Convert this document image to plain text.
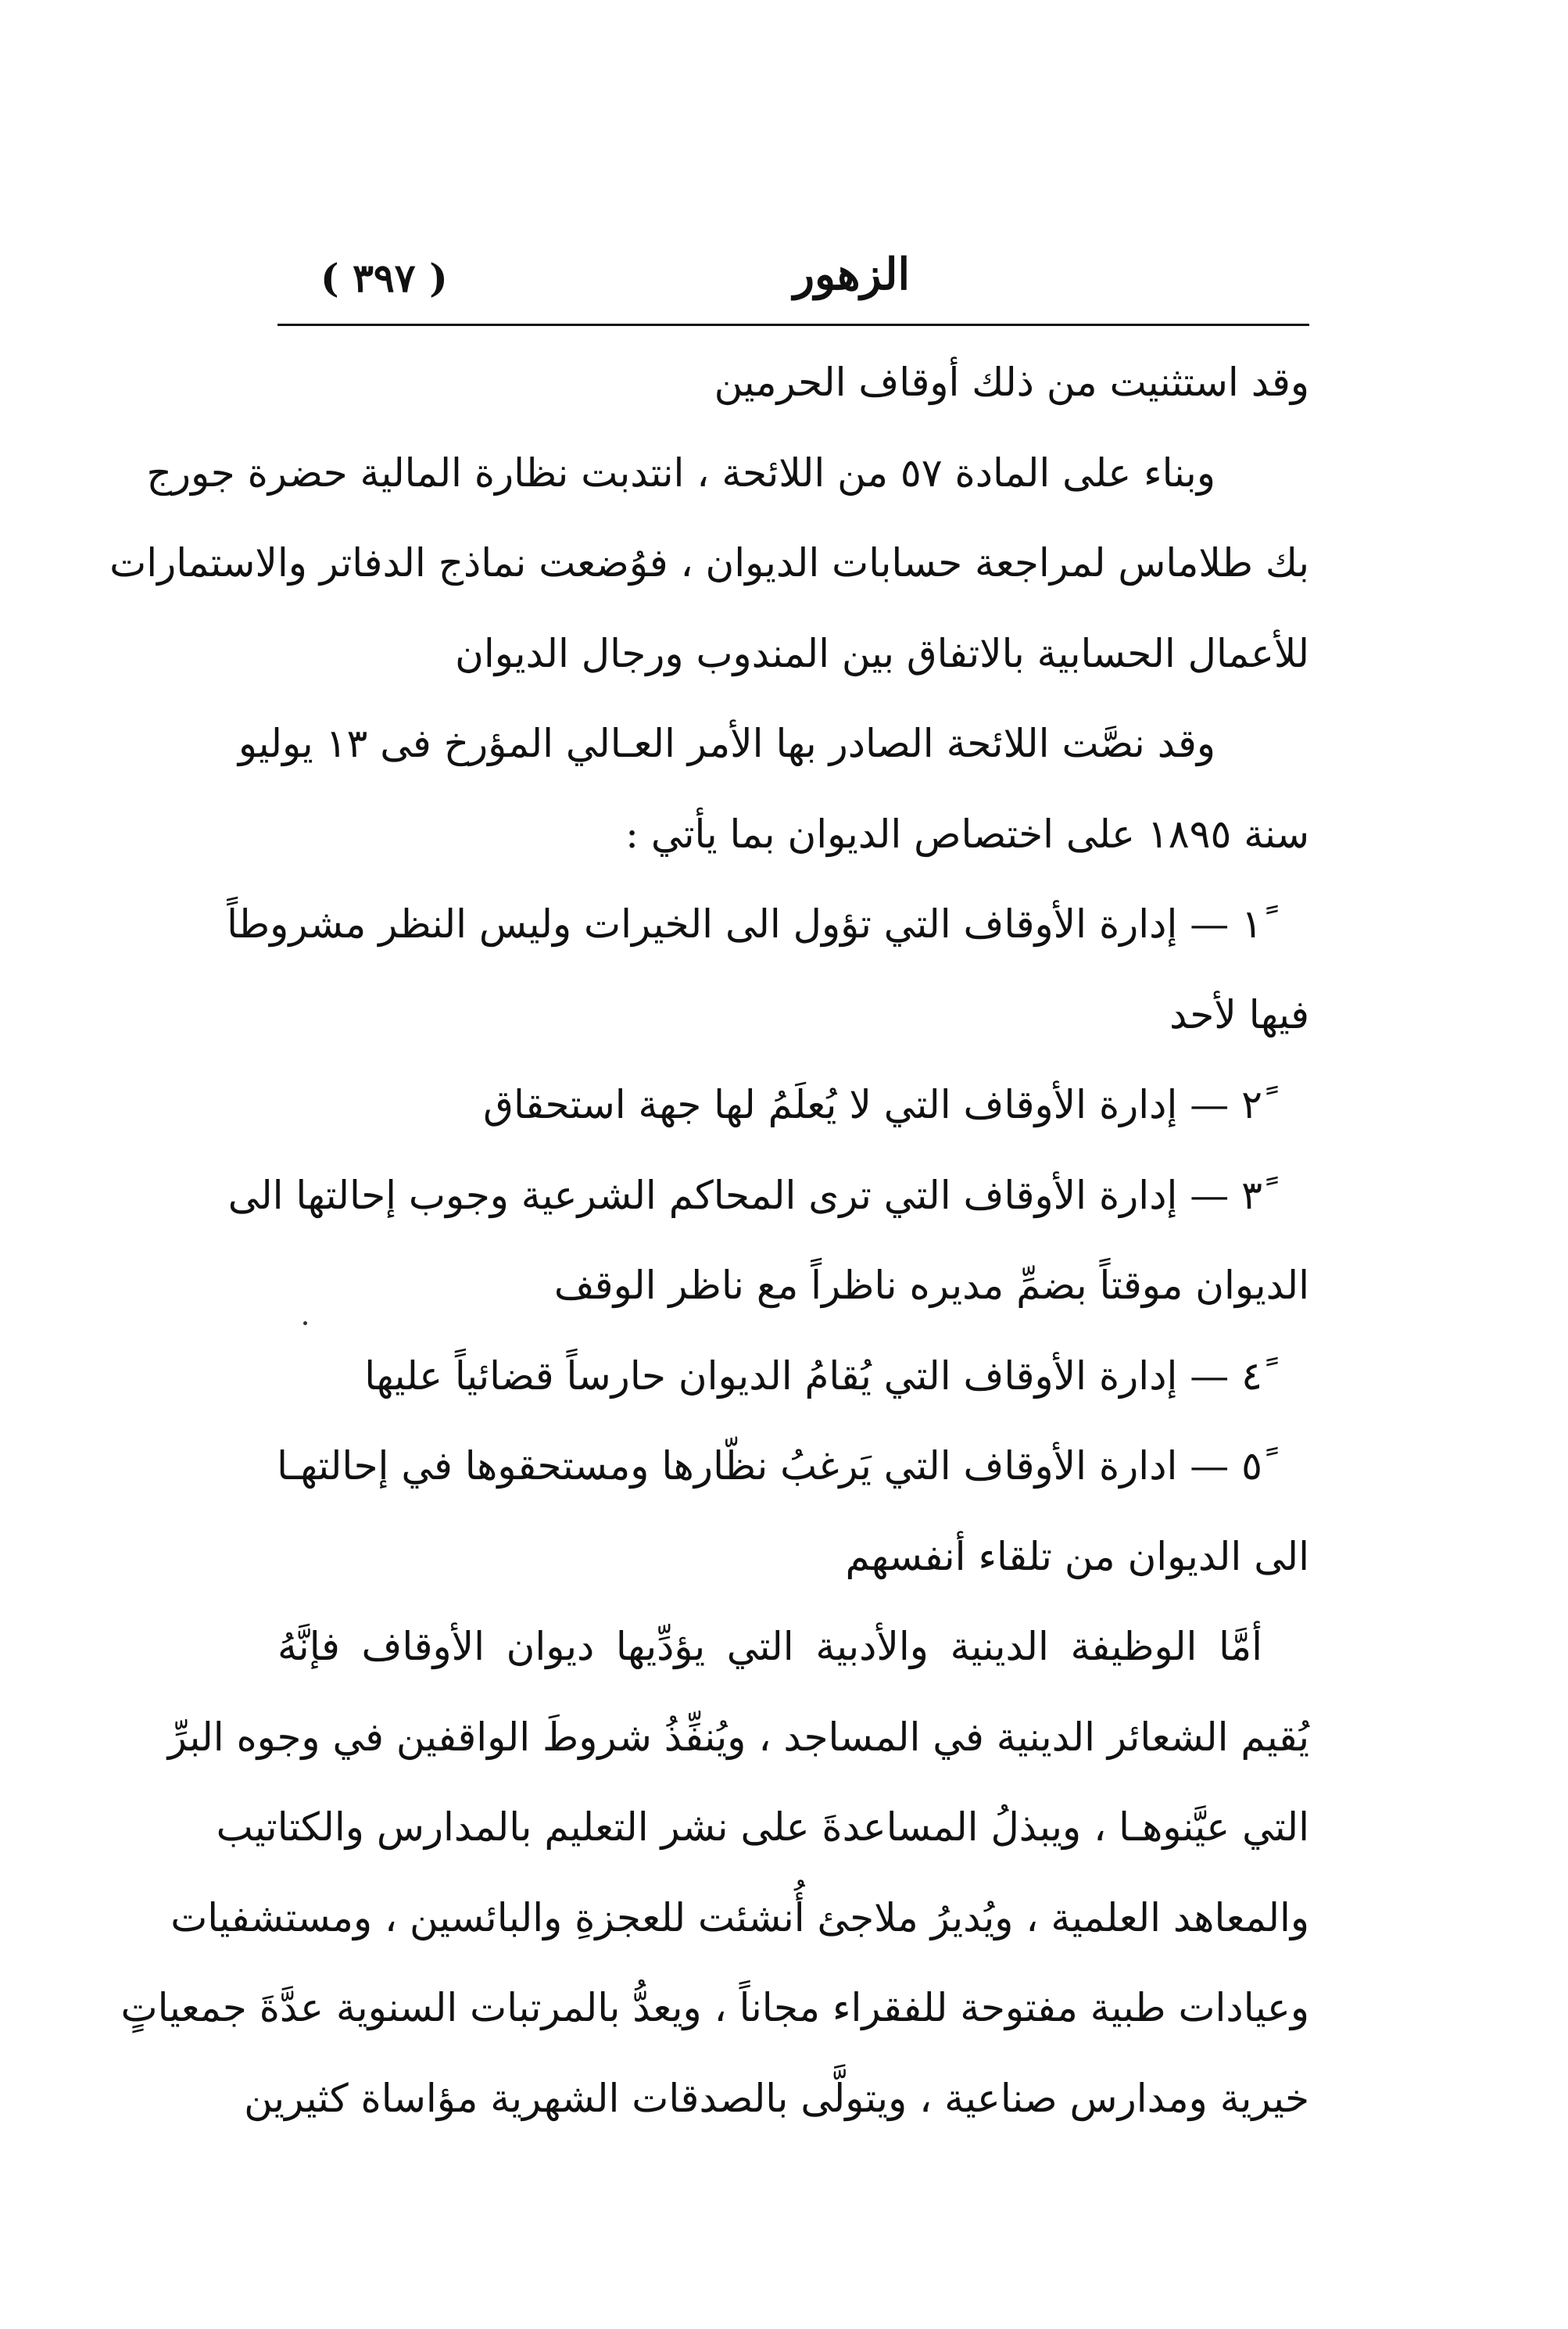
( ٣٩٧ )	الزهور
وقد استثنيت من ذلك أوقاف الحرمين
وبناء على المادة ٥٧ من اللائحة ، انتدبت نظارة المالية حضرة جورج
بك طلاماس لمراجعة حسابات الديوان ، فوُضعت نماذج الدفاتر والاستمارات
للأعمال الحسابية بالاتفاق بين المندوب ورجال الديوان
وقد نصَّت اللائحة الصادر بها الأمر العـالي المؤرخ فى ١٣ يوليو
سنة ١٨٩٥ على اختصاص الديوان بما يأتي :
١ً — إدارة الأوقاف التي تؤول الى الخيرات وليس النظر مشروطاً
فيها لأحد
٢ً — إدارة الأوقاف التي لا يُعلَمُ لها جهة استحقاق
٣ً — إدارة الأوقاف التي ترى المحاكم الشرعية وجوب إحالتها الى
الديوان موقتاً بضمِّ مديره ناظراً مع ناظر الوقف
٤ً — إدارة الأوقاف التي يُقامُ الديوان حارساً قضائياً عليها
٥ً — ادارة الأوقاف التي يَرغبُ نظّارها ومستحقوها في إحالتهـا
الى الديوان من تلقاء أنفسهم
أمَّا الوظيفة الدينية والأدبية التي يؤدِّيها ديوان الأوقاف فإنَّهُ
يُقيم الشعائر الدينية في المساجد ، ويُنفِّذُ شروطَ الواقفين في وجوه البرِّ
التي عيَّنوهـا ، ويبذلُ المساعدةَ على نشر التعليم بالمدارس والكتاتيب
والمعاهد العلمية ، ويُديرُ ملاجئ أُنشئت للعجزةِ والبائسين ، ومستشفيات
وعيادات طبية مفتوحة للفقراء مجاناً ، ويعدُّ بالمرتبات السنوية عدَّةَ جمعياتٍ
خيرية ومدارس صناعية ، ويتولَّى بالصدقات الشهرية مؤاساة كثيرين
